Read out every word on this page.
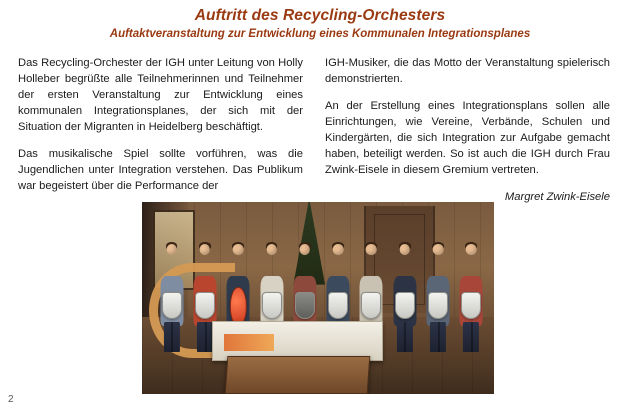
Auftritt des Recycling-Orchesters
Auftaktveranstaltung zur Entwicklung eines Kommunalen Integrationsplanes

Das Recycling-Orchester der IGH unter Leitung von Holly Holleber begrüßte alle Teilnehmerinnen und Teilnehmer der ersten Veranstaltung zur Entwicklung eines kommunalen Integrationsplanes, der sich mit der Situation der Migranten in Heidelberg beschäftigt.

Das musikalische Spiel sollte vorführen, was die Jugendlichen unter Integration verstehen. Das Publikum war begeistert über die Performance der

IGH-Musiker, die das Motto der Veranstaltung spielerisch demonstrierten.

An der Erstellung eines Integrationsplans sollen alle Einrichtungen, wie Vereine, Verbände, Schulen und Kindergärten, die sich Integration zur Aufgabe gemacht haben, beteiligt werden. So ist auch die IGH durch Frau Zwink-Eisele in diesem Gremium vertreten.

Margret Zwink-Eisele
2
